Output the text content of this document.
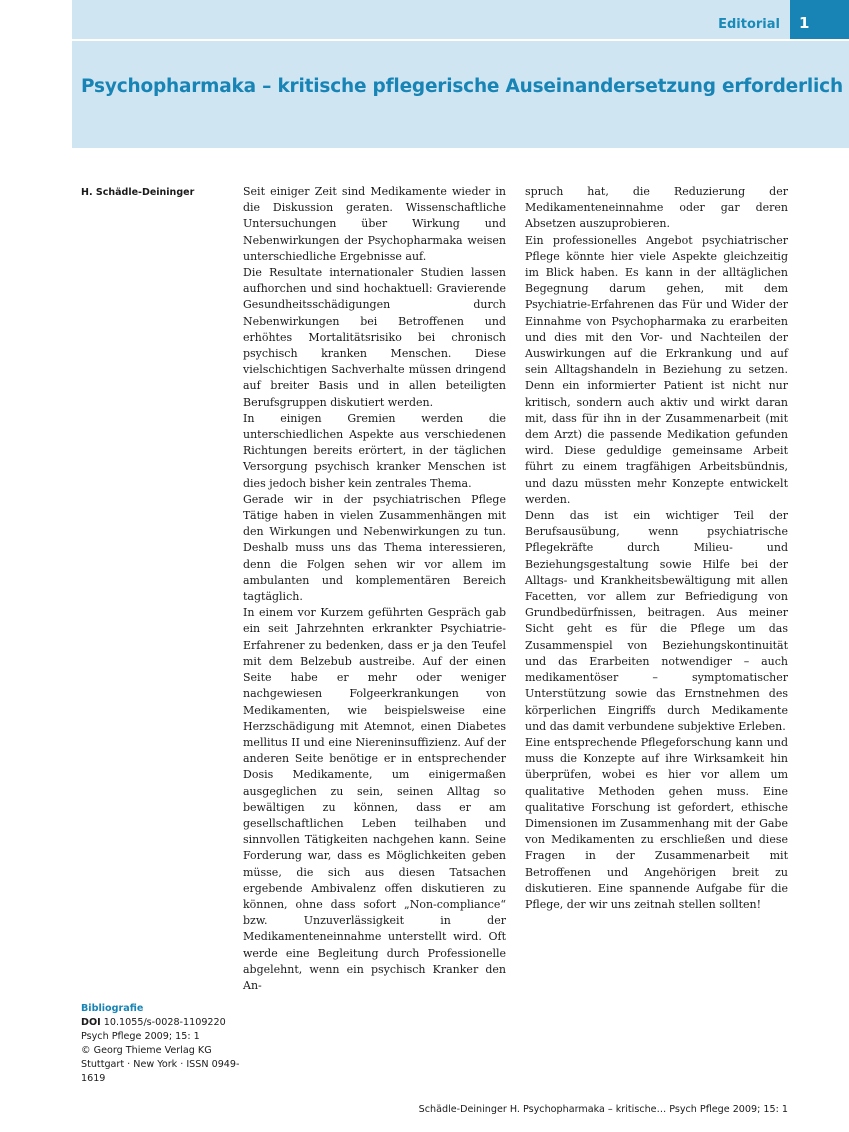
Editorial 1
Psychopharmaka – kritische pflegerische Auseinandersetzung erforderlich
H. Schädle-Deininger	Seit einiger Zeit sind Medikamente wieder in die Diskussion geraten. Wissenschaftliche Untersuchungen über Wirkung und Nebenwirkungen der Psychopharmaka weisen unterschiedliche Ergebnisse auf.

Die Resultate internationaler Studien lassen aufhorchen und sind hochaktuell: Gravierende Gesundheitsschädigungen durch Nebenwirkungen bei Betroffenen und erhöhtes Mortalitätsrisiko bei chronisch psychisch kranken Menschen. Diese vielschichtigen Sachverhalte müssen dringend auf breiter Basis und in allen beteiligten Berufsgruppen diskutiert werden.

In einigen Gremien werden die unterschiedlichen Aspekte aus verschiedenen Richtungen bereits erörtert, in der täglichen Versorgung psychisch kranker Menschen ist dies jedoch bisher kein zentrales Thema.

Gerade wir in der psychiatrischen Pflege Tätige haben in vielen Zusammenhängen mit den Wirkungen und Nebenwirkungen zu tun. Deshalb muss uns das Thema interessieren, denn die Folgen sehen wir vor allem im ambulanten und komplementären Bereich tagtäglich.

In einem vor Kurzem geführten Gespräch gab ein seit Jahrzehnten erkrankter Psychiatrie-Erfahrener zu bedenken, dass er ja den Teufel mit dem Belzebub austreibe. Auf der einen Seite habe er mehr oder weniger nachgewiesen Folgeerkrankungen von Medikamenten, wie beispielsweise eine Herzschädigung mit Atemnot, einen Diabetes mellitus II und eine Niereninsuffizienz. Auf der anderen Seite benötige er in entsprechender Dosis Medikamente, um einigermaßen ausgeglichen zu sein, seinen Alltag so bewältigen zu können, dass er am gesellschaftlichen Leben teilhaben und sinnvollen Tätigkeiten nachgehen kann. Seine Forderung war, dass es Möglichkeiten geben müsse, die sich aus diesen Tatsachen ergebende Ambivalenz offen diskutieren zu können, ohne dass sofort „Non-compliance“ bzw. Unzuverlässigkeit in der Medikamenteneinnahme unterstellt wird. Oft werde eine Begleitung durch Professionelle abgelehnt, wenn ein psychisch Kranker den An-

spruch hat, die Reduzierung der Medikamenteneinnahme oder gar deren Absetzen auszuprobieren.

Ein professionelles Angebot psychiatrischer Pflege könnte hier viele Aspekte gleichzeitig im Blick haben. Es kann in der alltäglichen Begegnung darum gehen, mit dem Psychiatrie-Erfahrenen das Für und Wider der Einnahme von Psychopharmaka zu erarbeiten und dies mit den Vor- und Nachteilen der Auswirkungen auf die Erkrankung und auf sein Alltagshandeln in Beziehung zu setzen. Denn ein informierter Patient ist nicht nur kritisch, sondern auch aktiv und wirkt daran mit, dass für ihn in der Zusammenarbeit (mit dem Arzt) die passende Medikation gefunden wird. Diese geduldige gemeinsame Arbeit führt zu einem tragfähigen Arbeitsbündnis, und dazu müssten mehr Konzepte entwickelt werden.

Denn das ist ein wichtiger Teil der Berufsausübung, wenn psychiatrische Pflegekräfte durch Milieu- und Beziehungsgestaltung sowie Hilfe bei der Alltags- und Krankheitsbewältigung mit allen Facetten, vor allem zur Befriedigung von Grundbedürfnissen, beitragen. Aus meiner Sicht geht es für die Pflege um das Zusammenspiel von Beziehungskontinuität und das Erarbeiten notwendiger – auch medikamentöser – symptomatischer Unterstützung sowie das Ernstnehmen des körperlichen Eingriffs durch Medikamente und das damit verbundene subjektive Erleben.

Eine entsprechende Pflegeforschung kann und muss die Konzepte auf ihre Wirksamkeit hin überprüfen, wobei es hier vor allem um qualitative Methoden gehen muss. Eine qualitative Forschung ist gefordert, ethische Dimensionen im Zusammenhang mit der Gabe von Medikamenten zu erschließen und diese Fragen in der Zusammenarbeit mit Betroffenen und Angehörigen breit zu diskutieren. Eine spannende Aufgabe für die Pflege, der wir uns zeitnah stellen sollten!

Bibliografie
DOI 10.1055/s-0028-1109220
Psych Pflege 2009; 15: 1
© Georg Thieme Verlag KG
Stuttgart · New York · ISSN 0949-1619
Schädle-Deininger H. Psychopharmaka – kritische… Psych Pflege 2009; 15: 1
